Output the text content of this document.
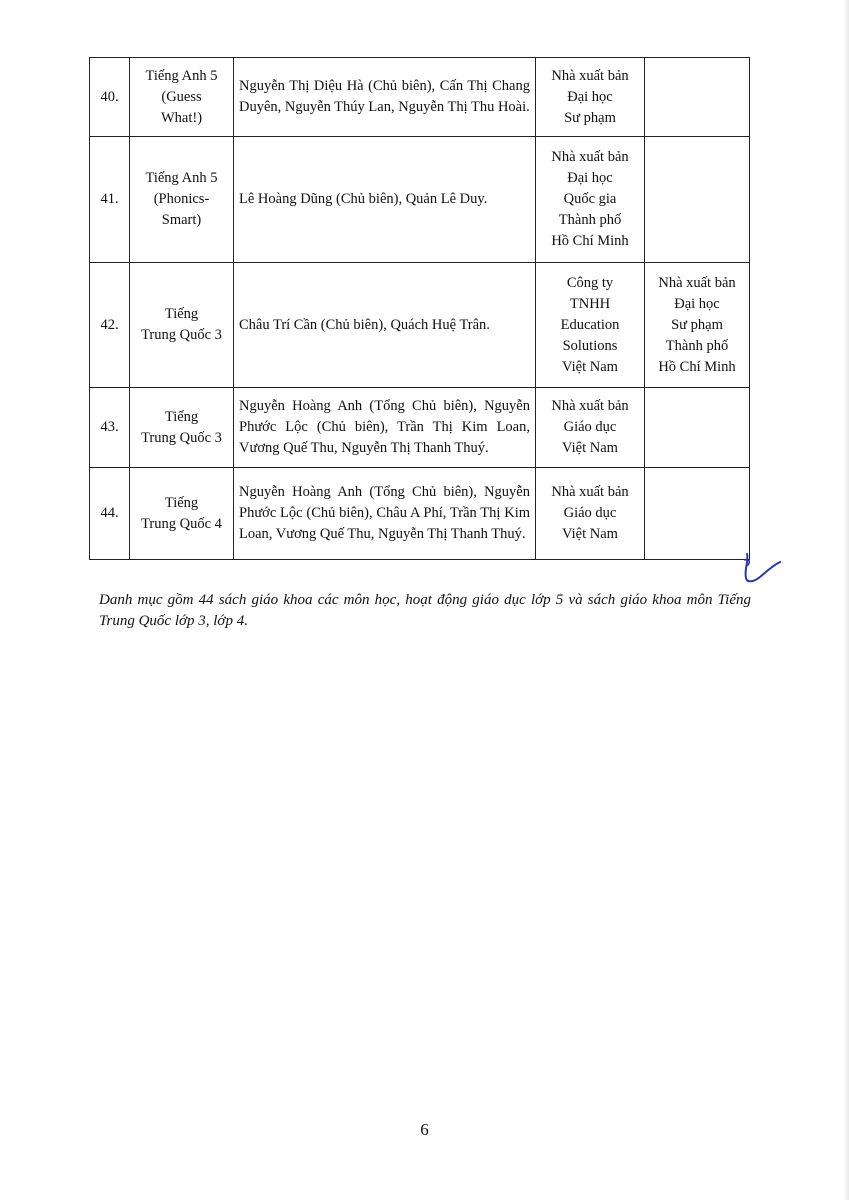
40.	Tiếng Anh 5
(Guess
What!)	Nguyễn Thị Diệu Hà (Chủ biên), Cấn Thị Chang Duyên, Nguyễn Thúy Lan, Nguyễn Thị Thu Hoài.	Nhà xuất bản
Đại học
Sư phạm	
41.	Tiếng Anh 5
(Phonics-
Smart)	Lê Hoàng Dũng (Chủ biên), Quản Lê Duy.	Nhà xuất bản
Đại học
Quốc gia
Thành phố
Hồ Chí Minh	
42.	Tiếng
Trung Quốc 3	Châu Trí Cần (Chủ biên), Quách Huệ Trân.	Công ty
TNHH
Education
Solutions
Việt Nam	Nhà xuất bản
Đại học
Sư phạm
Thành phố
Hồ Chí Minh
43.	Tiếng
Trung Quốc 3	Nguyễn Hoàng Anh (Tổng Chủ biên), Nguyễn Phước Lộc (Chủ biên), Trần Thị Kim Loan, Vương Quế Thu, Nguyễn Thị Thanh Thuý.	Nhà xuất bản
Giáo dục
Việt Nam	
44.	Tiếng
Trung Quốc 4	Nguyễn Hoàng Anh (Tổng Chủ biên), Nguyễn Phước Lộc (Chủ biên), Châu A Phí, Trần Thị Kim Loan, Vương Quế Thu, Nguyễn Thị Thanh Thuý.	Nhà xuất bản
Giáo dục
Việt Nam	

Danh mục gồm 44 sách giáo khoa các môn học, hoạt động giáo dục lớp 5 và sách giáo khoa môn Tiếng Trung Quốc lớp 3, lớp 4.

6
